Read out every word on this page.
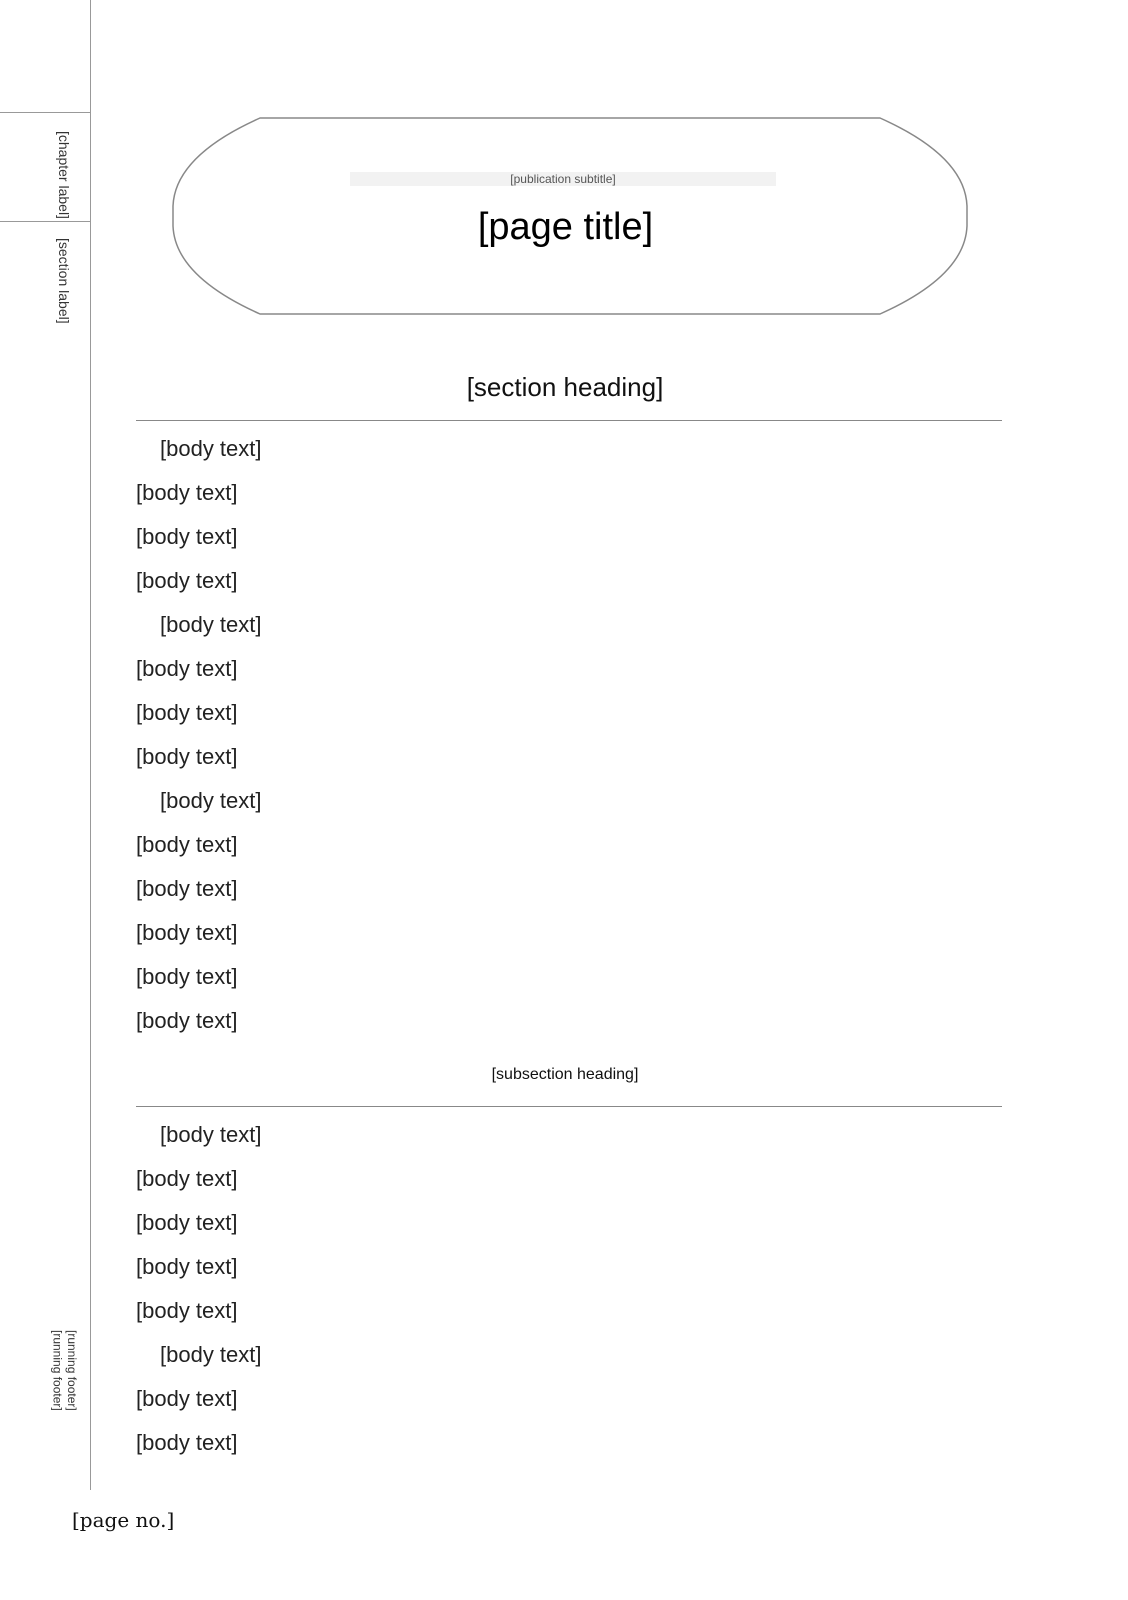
[chapter label]
[section label]
[running footer]
[running footer]
[page no.]
[publication subtitle]
[page title]
[section heading]
[body text]
[body text]
[body text]
[body text]
[body text]
[body text]
[body text]
[body text]
[body text]
[body text]
[body text]
[body text]
[body text]
[body text]
[subsection heading]
[body text]
[body text]
[body text]
[body text]
[body text]
[body text]
[body text]
[body text]
